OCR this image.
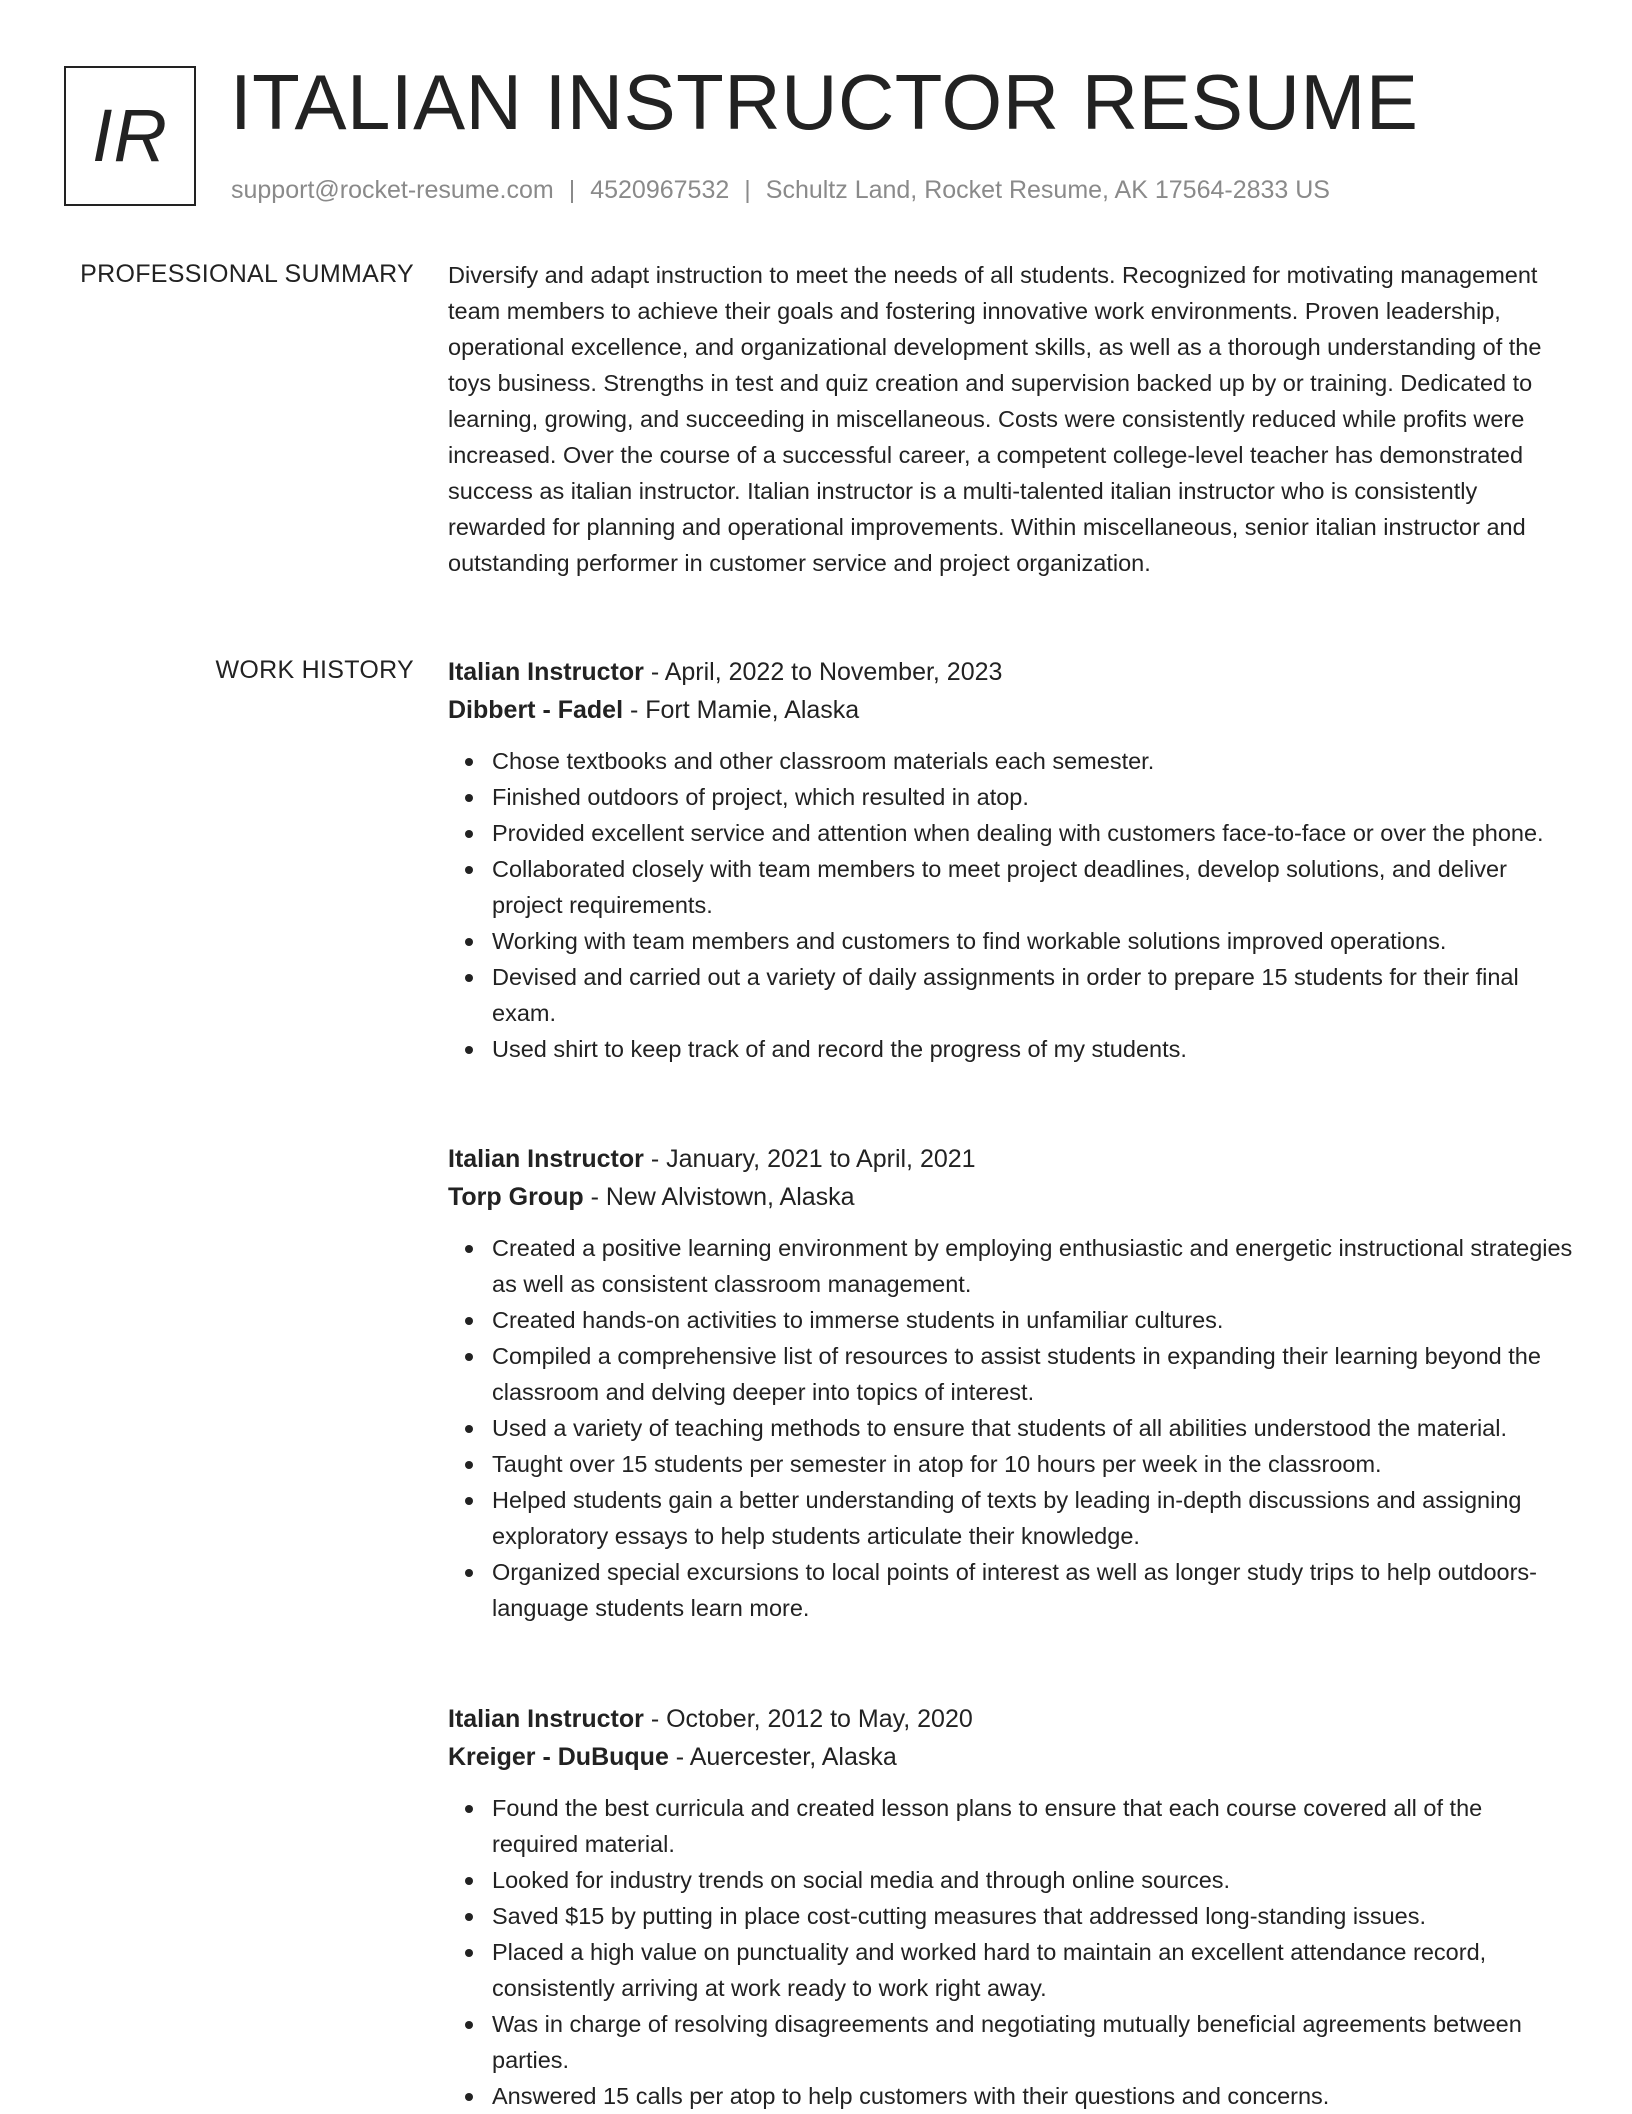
IR ITALIAN INSTRUCTOR RESUME
support@rocket-resume.com | 4520967532 | Schultz Land, Rocket Resume, AK 17564-2833 US
PROFESSIONAL SUMMARY Diversify and adapt instruction to meet the needs of all students. Recognized for motivating management team members to achieve their goals and fostering innovative work environments. Proven leadership, operational excellence, and organizational development skills, as well as a thorough understanding of the toys business. Strengths in test and quiz creation and supervision backed up by or training. Dedicated to learning, growing, and succeeding in miscellaneous. Costs were consistently reduced while profits were increased. Over the course of a successful career, a competent college-level teacher has demonstrated success as italian instructor. Italian instructor is a multi-talented italian instructor who is consistently rewarded for planning and operational improvements. Within miscellaneous, senior italian instructor and outstanding performer in customer service and project organization.

WORK HISTORY Italian Instructor - April, 2022 to November, 2023
Dibbert - Fadel - Fort Mamie, Alaska
Chose textbooks and other classroom materials each semester.
Finished outdoors of project, which resulted in atop.
Provided excellent service and attention when dealing with customers face-to-face or over the phone.
Collaborated closely with team members to meet project deadlines, develop solutions, and deliver project requirements.
Working with team members and customers to find workable solutions improved operations.
Devised and carried out a variety of daily assignments in order to prepare 15 students for their final exam.
Used shirt to keep track of and record the progress of my students.
Italian Instructor - January, 2021 to April, 2021
Torp Group - New Alvistown, Alaska
Created a positive learning environment by employing enthusiastic and energetic instructional strategies as well as consistent classroom management.
Created hands-on activities to immerse students in unfamiliar cultures.
Compiled a comprehensive list of resources to assist students in expanding their learning beyond the classroom and delving deeper into topics of interest.
Used a variety of teaching methods to ensure that students of all abilities understood the material.
Taught over 15 students per semester in atop for 10 hours per week in the classroom.
Helped students gain a better understanding of texts by leading in-depth discussions and assigning exploratory essays to help students articulate their knowledge.
Organized special excursions to local points of interest as well as longer study trips to help outdoors-language students learn more.
Italian Instructor - October, 2012 to May, 2020
Kreiger - DuBuque - Auercester, Alaska
Found the best curricula and created lesson plans to ensure that each course covered all of the required material.
Looked for industry trends on social media and through online sources.
Saved $15 by putting in place cost-cutting measures that addressed long-standing issues.
Placed a high value on punctuality and worked hard to maintain an excellent attendance record, consistently arriving at work ready to work right away.
Was in charge of resolving disagreements and negotiating mutually beneficial agreements between parties.
Answered 15 calls per atop to help customers with their questions and concerns.
